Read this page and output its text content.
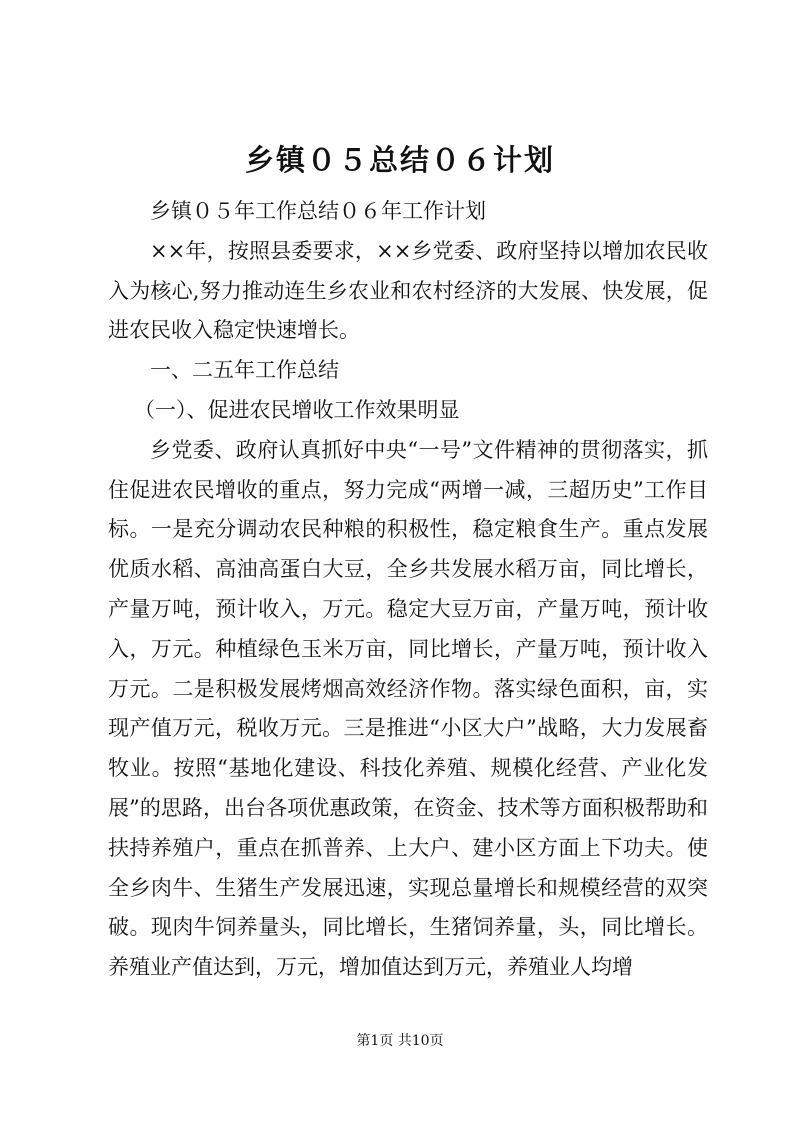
乡镇０５总结０６计划

乡镇０５年工作总结０６年工作计划

××年，按照县委要求，××乡党委、政府坚持以增加农民收入为核心,努力推动连生乡农业和农村经济的大发展、快发展，促进农民收入稳定快速增长。

一、二五年工作总结

（一）、促进农民增收工作效果明显

乡党委、政府认真抓好中央“一号”文件精神的贯彻落实，抓住促进农民增收的重点，努力完成“两增一减，三超历史”工作目标。一是充分调动农民种粮的积极性，稳定粮食生产。重点发展优质水稻、高油高蛋白大豆，全乡共发展水稻万亩，同比增长，产量万吨，预计收入，万元。稳定大豆万亩，产量万吨，预计收入，万元。种植绿色玉米万亩，同比增长，产量万吨，预计收入万元。二是积极发展烤烟高效经济作物。落实绿色面积，亩，实现产值万元，税收万元。三是推进“小区大户”战略，大力发展畜牧业。按照“基地化建设、科技化养殖、规模化经营、产业化发展”的思路，出台各项优惠政策，在资金、技术等方面积极帮助和扶持养殖户，重点在抓普养、上大户、建小区方面上下功夫。使全乡肉牛、生猪生产发展迅速，实现总量增长和规模经营的双突破。现肉牛饲养量头，同比增长，生猪饲养量，头，同比增长。养殖业产值达到，万元，增加值达到万元，养殖业人均增

第1页 共10页
